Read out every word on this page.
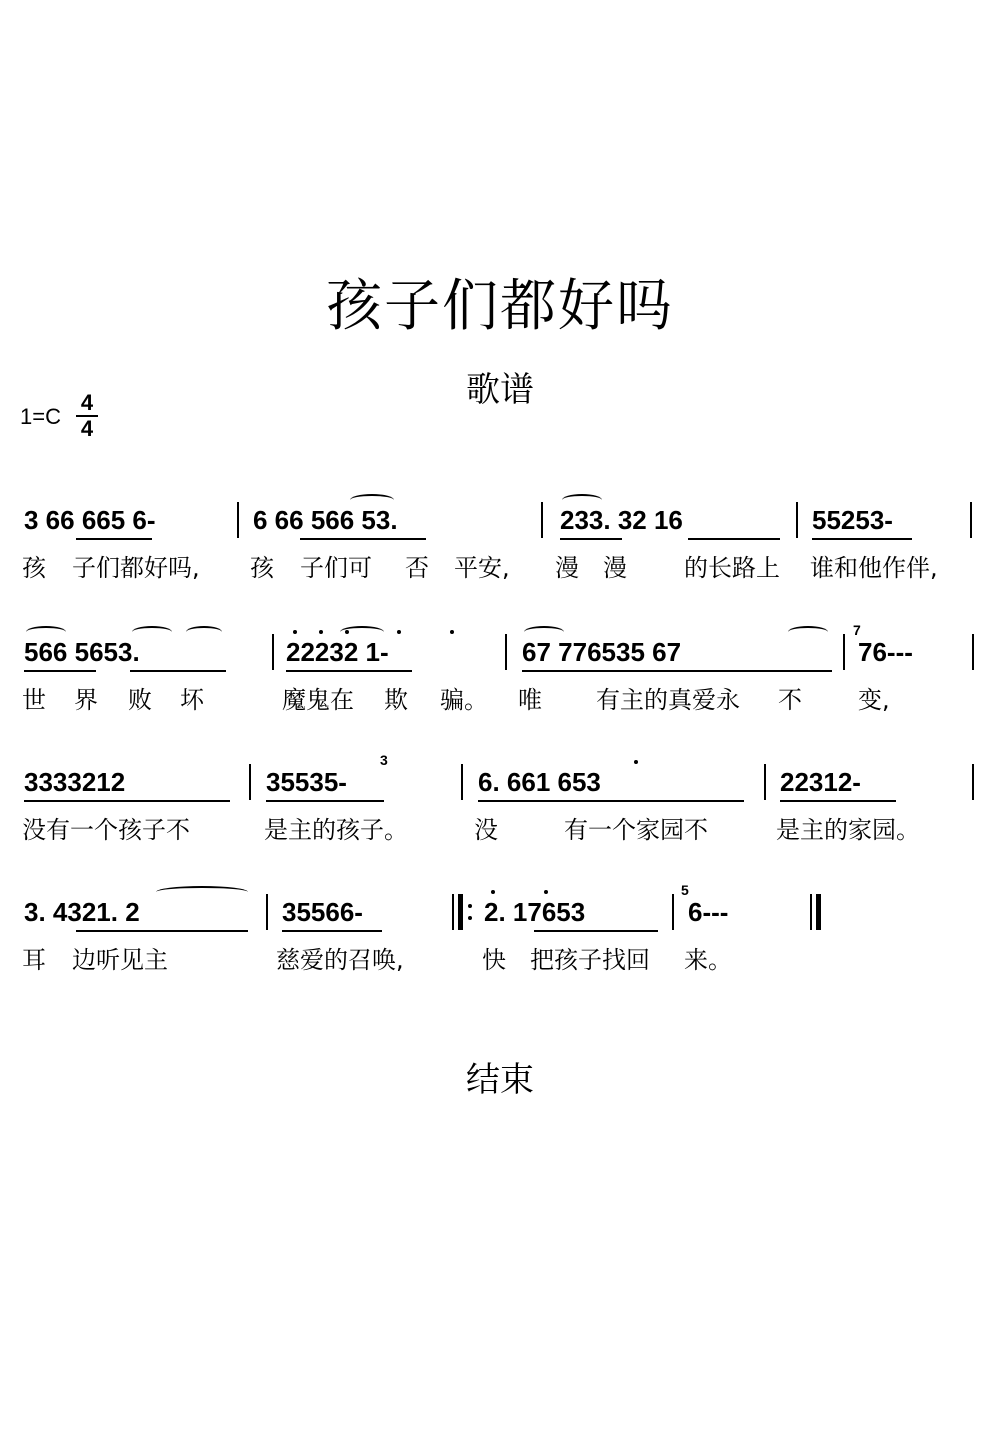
孩子们都好吗
歌谱
1=C
4
4
3 66 665 6-	6 66 566 53.	233. 32 16	55253-
孩 子们都好吗, 孩 子们可 否 平安, 漫 漫 的长路上 谁和他作伴,
566 5653.	22232 1-	67 776535 67	76---
7
世 界 败 坏	魔鬼在 欺 骗。 唯 有主的真爱永 不 变,
3333212	35535-	6. 661 653	22312-
3
没有一个孩子不	是主的孩子。	没	有一个家园不	是主的家园。
3. 4321. 2	35566-	2. 17653	6---
5
耳 边听见主	慈爱的召唤,	快 把孩子找回 来。
结束
